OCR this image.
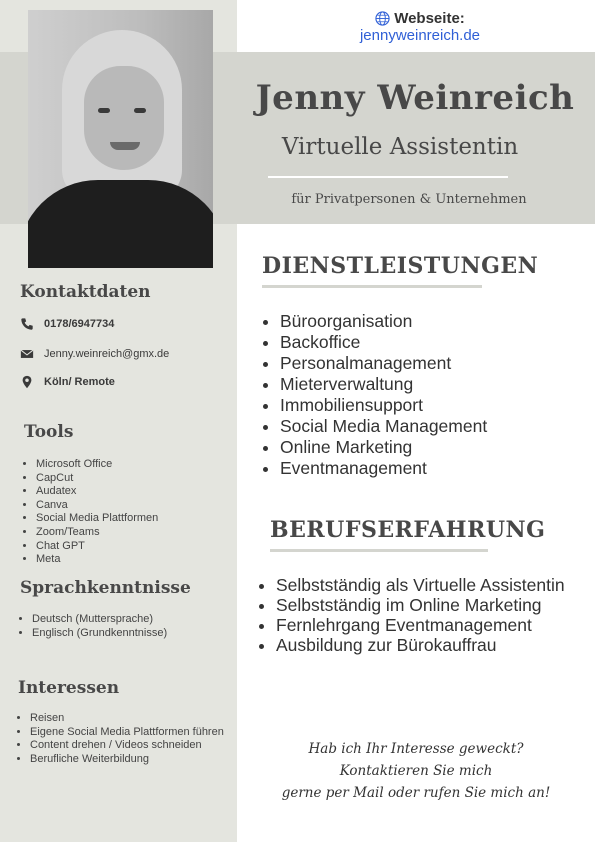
Webseite:
jennyweinreich.de
Jenny Weinreich
Virtuelle Assistentin
für Privatpersonen & Unternehmen
Kontaktdaten
0178/6947734
Jenny.weinreich@gmx.de
Köln/ Remote
Tools
• Microsoft Office
• CapCut
• Audatex
• Canva
• Social Media Plattformen
• Zoom/Teams
• Chat GPT
• Meta
Sprachkenntnisse
• Deutsch (Muttersprache)
• Englisch (Grundkenntnisse)
Interessen
• Reisen
• Eigene Social Media Plattformen führen
• Content drehen / Videos schneiden
• Berufliche Weiterbildung
DIENSTLEISTUNGEN
• Büroorganisation
• Backoffice
• Personalmanagement
• Mieterverwaltung
• Immobiliensupport
• Social Media Management
• Online Marketing
• Eventmanagement
BERUFSERFAHRUNG
• Selbstständig als Virtuelle Assistentin
• Selbstständig im Online Marketing
• Fernlehrgang Eventmanagement
• Ausbildung zur Bürokauffrau
Hab ich Ihr Interesse geweckt?
Kontaktieren Sie mich
gerne per Mail oder rufen Sie mich an!
